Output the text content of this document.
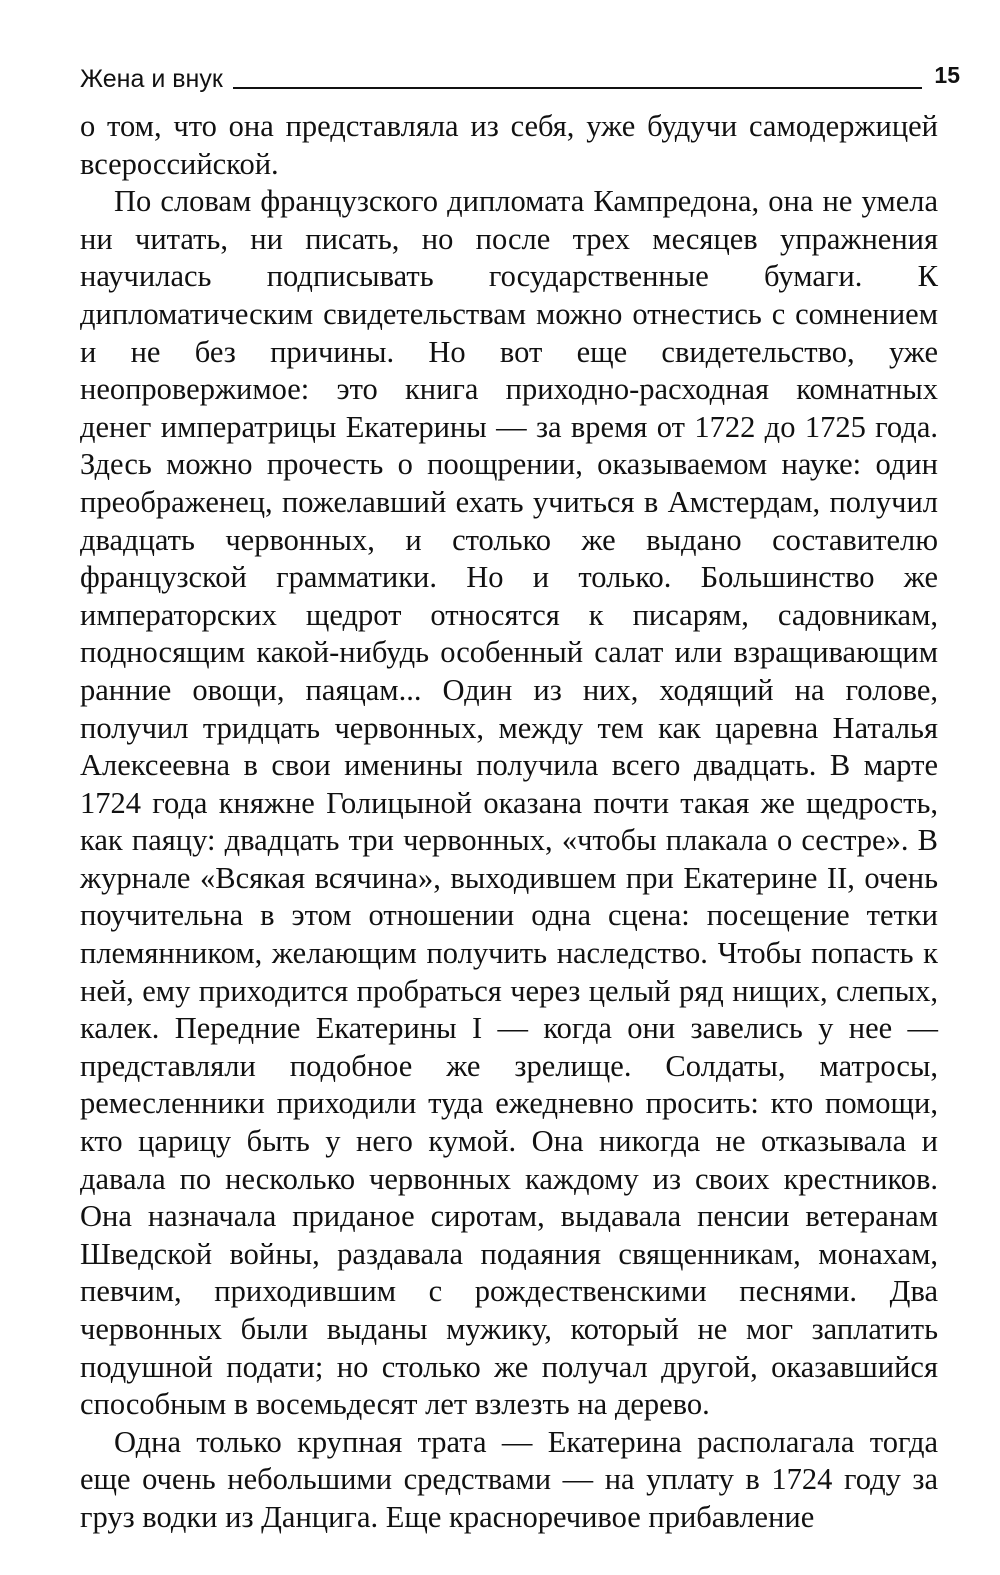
Жена и внук	15

о том, что она представляла из себя, уже будучи самодержицей всероссийской.

По словам французского дипломата Кампредона, она не умела ни читать, ни писать, но после трех месяцев упражнения научилась подписывать государственные бумаги. К дипломатическим свидетельствам можно отнестись с сомнением и не без причины. Но вот еще свидетельство, уже неопровержимое: это книга приходно-расходная комнатных денег императрицы Екатерины — за время от 1722 до 1725 года. Здесь можно прочесть о поощрении, оказываемом науке: один преображенец, пожелавший ехать учиться в Амстердам, получил двадцать червонных, и столько же выдано составителю французской грамматики. Но и только. Большинство же императорских щедрот относятся к писарям, садовникам, подносящим какой-нибудь особенный салат или взращивающим ранние овощи, паяцам... Один из них, ходящий на голове, получил тридцать червонных, между тем как царевна Наталья Алексеевна в свои именины получила всего двадцать. В марте 1724 года княжне Голицыной оказана почти такая же щедрость, как паяцу: двадцать три червонных, «чтобы плакала о сестре». В журнале «Всякая всячина», выходившем при Екатерине II, очень поучительна в этом отношении одна сцена: посещение тетки племянником, желающим получить наследство. Чтобы попасть к ней, ему приходится пробраться через целый ряд нищих, слепых, калек. Передние Екатерины I — когда они завелись у нее — представляли подобное же зрелище. Солдаты, матросы, ремесленники приходили туда ежедневно просить: кто помощи, кто царицу быть у него кумой. Она никогда не отказывала и давала по несколько червонных каждому из своих крестников. Она назначала приданое сиротам, выдавала пенсии ветеранам Шведской войны, раздавала подаяния священникам, монахам, певчим, приходившим с рождественскими песнями. Два червонных были выданы мужику, который не мог заплатить подушной подати; но столько же получал другой, оказавшийся способным в восемьдесят лет взлезть на дерево.

Одна только крупная трата — Екатерина располагала тогда еще очень небольшими средствами — на уплату в 1724 году за груз водки из Данцига. Еще красноречивое прибавление
